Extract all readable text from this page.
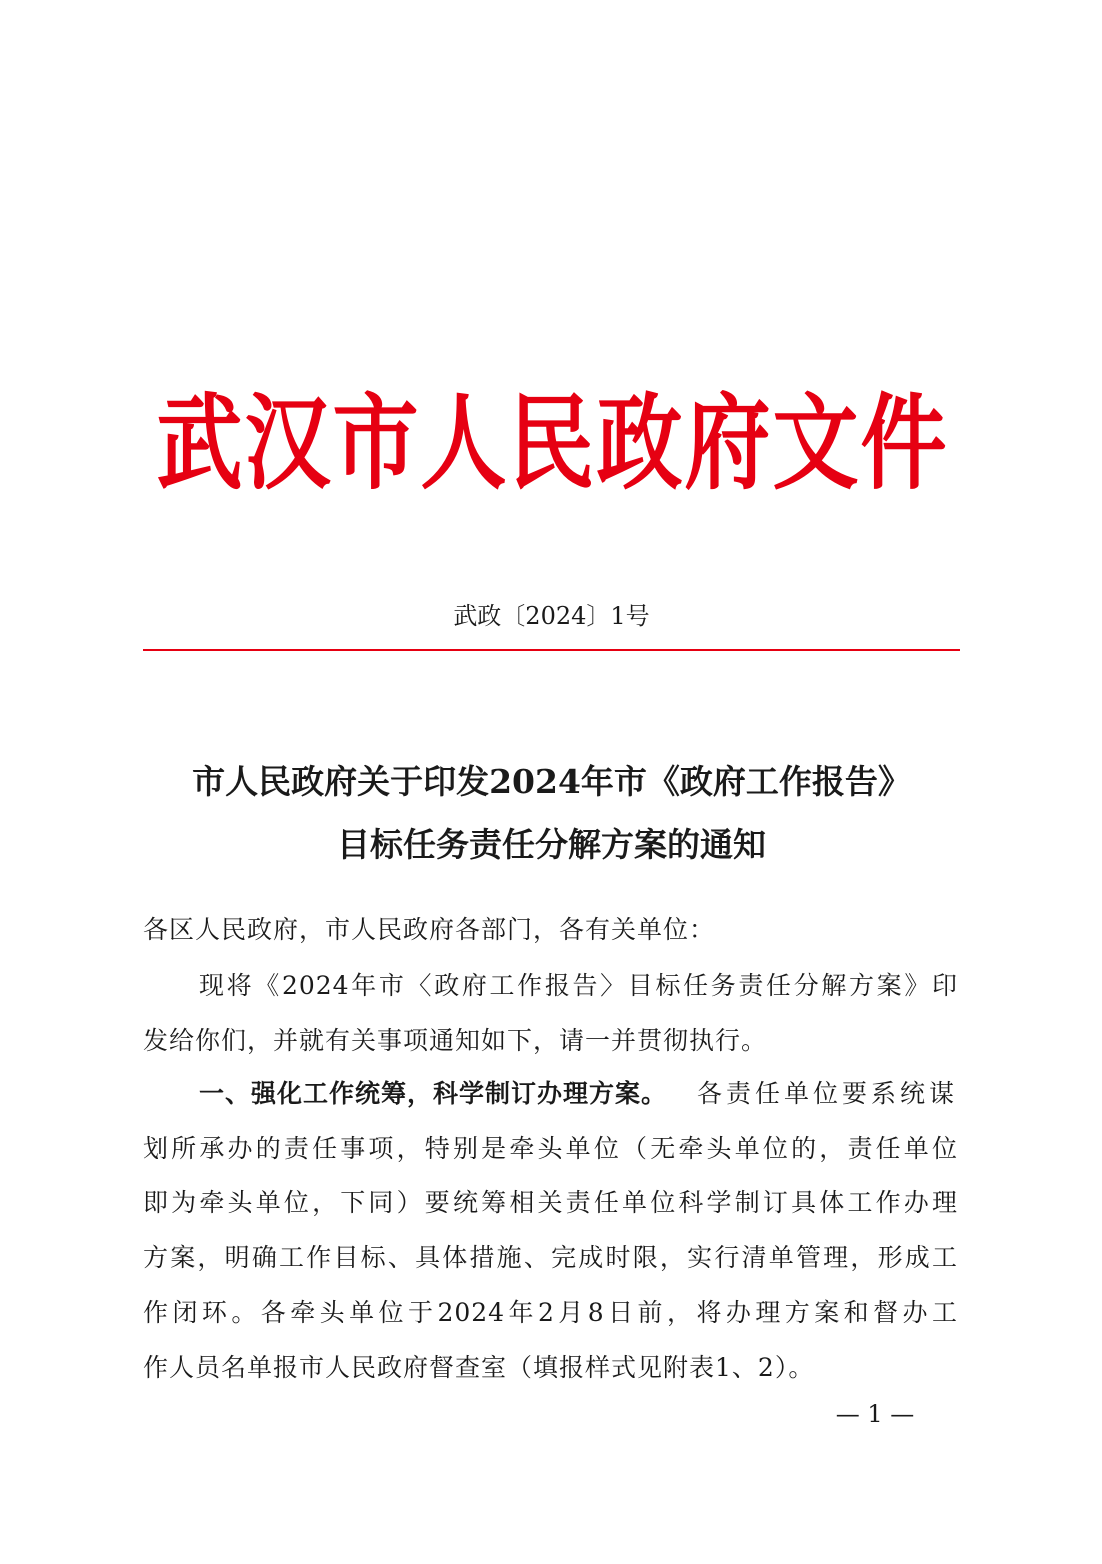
武汉市人民政府文件
武政〔2024〕1号
市人民政府关于印发2024年市《政府工作报告》
目标任务责任分解方案的通知
各区人民政府，市人民政府各部门，各有关单位：
现将《2024年市〈政府工作报告〉目标任务责任分解方案》印
发给你们，并就有关事项通知如下，请一并贯彻执行。
一、强化工作统筹，科学制订办理方案。 各责任单位要系统谋
划所承办的责任事项，特别是牵头单位（无牵头单位的，责任单位
即为牵头单位，下同）要统筹相关责任单位科学制订具体工作办理
方案，明确工作目标、具体措施、完成时限，实行清单管理，形成工
作闭环。各牵头单位于2024年2月8日前，将办理方案和督办工
作人员名单报市人民政府督查室（填报样式见附表1、2）。
— 1 —
